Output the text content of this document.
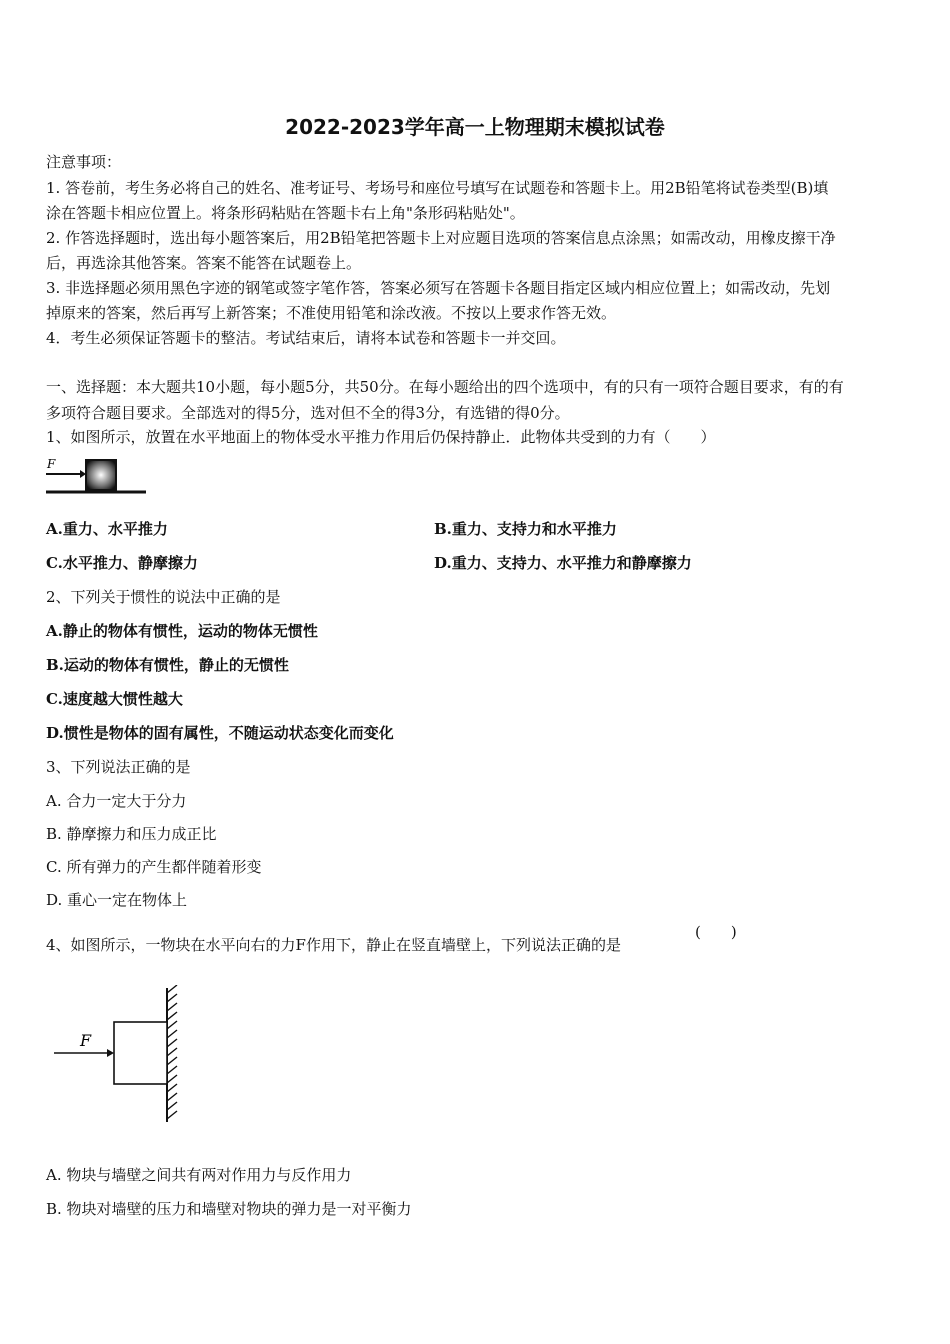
2022-2023学年高一上物理期末模拟试卷
注意事项：
1. 答卷前，考生务必将自己的姓名、准考证号、考场号和座位号填写在试题卷和答题卡上。用2B铅笔将试卷类型(B)填
涂在答题卡相应位置上。将条形码粘贴在答题卡右上角"条形码粘贴处"。
2. 作答选择题时，选出每小题答案后，用2B铅笔把答题卡上对应题目选项的答案信息点涂黑；如需改动，用橡皮擦干净
后，再选涂其他答案。答案不能答在试题卷上。
3. 非选择题必须用黑色字迹的钢笔或签字笔作答，答案必须写在答题卡各题目指定区域内相应位置上；如需改动，先划
掉原来的答案，然后再写上新答案；不准使用铅笔和涂改液。不按以上要求作答无效。
4．考生必须保证答题卡的整洁。考试结束后，请将本试卷和答题卡一并交回。
一、选择题：本大题共10小题，每小题5分，共50分。在每小题给出的四个选项中，有的只有一项符合题目要求，有的有
多项符合题目要求。全部选对的得5分，选对但不全的得3分，有选错的得0分。
1、如图所示，放置在水平地面上的物体受水平推力作用后仍保持静止．此物体共受到的力有（　　）
F
A.重力、水平推力	B.重力、支持力和水平推力
C.水平推力、静摩擦力	D.重力、支持力、水平推力和静摩擦力
2、下列关于惯性的说法中正确的是
A.静止的物体有惯性，运动的物体无惯性
B.运动的物体有惯性，静止的无惯性
C.速度越大惯性越大
D.惯性是物体的固有属性，不随运动状态变化而变化
3、下列说法正确的是
A. 合力一定大于分力
B. 静摩擦力和压力成正比
C. 所有弹力的产生都伴随着形变
D. 重心一定在物体上
4、如图所示，一物块在水平向右的力F作用下，静止在竖直墙壁上，下列说法正确的是
(　　)
F
A. 物块与墙壁之间共有两对作用力与反作用力
B. 物块对墙壁的压力和墙壁对物块的弹力是一对平衡力
